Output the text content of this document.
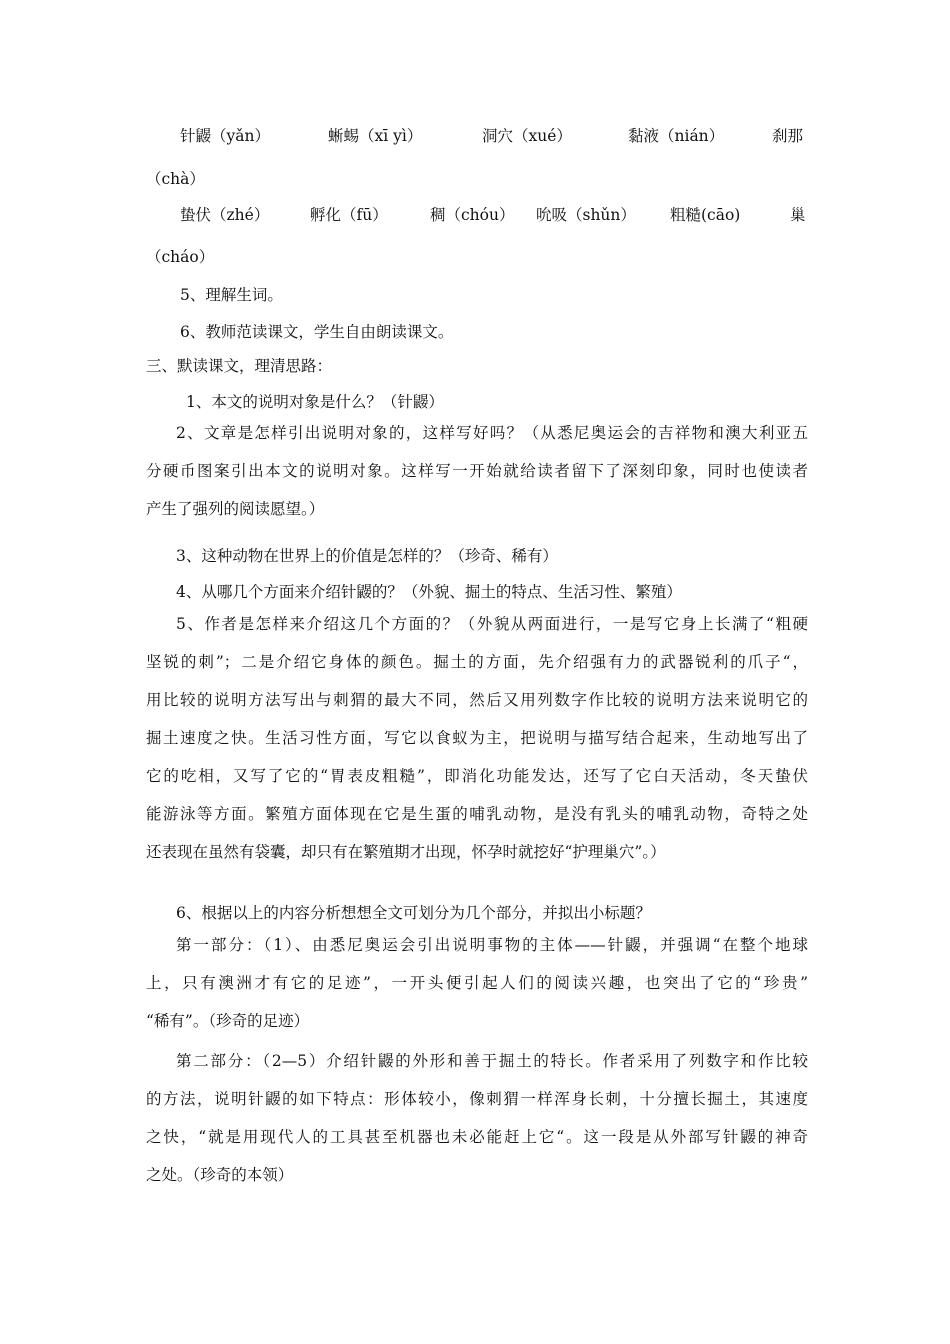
针鼹（yǎn）	蜥蜴（xī yì）	洞穴（xué）	黏液（nián）	刹那
（chà）
蛰伏（zhé）	孵化（fū）	稠（chóu） 吮吸（shǔn） 粗糙(cāo)	巢
（cháo）
5、理解生词。
6、教师范读课文，学生自由朗读课文。
三、默读课文，理清思路：
1、本文的说明对象是什么？（针鼹）
2、文章是怎样引出说明对象的，这样写好吗？（从悉尼奥运会的吉祥物和澳大利亚五
分硬币图案引出本文的说明对象。这样写一开始就给读者留下了深刻印象，同时也使读者
产生了强列的阅读愿望。）
3、这种动物在世界上的价值是怎样的？（珍奇、稀有）
4、从哪几个方面来介绍针鼹的？（外貌、掘土的特点、生活习性、繁殖）
5、作者是怎样来介绍这几个方面的？（外貌从两面进行，一是写它身上长满了“粗硬
坚锐的刺”；二是介绍它身体的颜色。掘土的方面，先介绍强有力的武器锐利的爪子“，
用比较的说明方法写出与刺猬的最大不同，然后又用列数字作比较的说明方法来说明它的
掘土速度之快。生活习性方面，写它以食蚁为主，把说明与描写结合起来，生动地写出了
它的吃相，又写了它的“胃表皮粗糙”，即消化功能发达，还写了它白天活动，冬天蛰伏
能游泳等方面。繁殖方面体现在它是生蛋的哺乳动物，是没有乳头的哺乳动物，奇特之处
还表现在虽然有袋囊，却只有在繁殖期才出现，怀孕时就挖好“护理巢穴”。）
6、根据以上的内容分析想想全文可划分为几个部分，并拟出小标题？
第一部分：（1）、由悉尼奥运会引出说明事物的主体——针鼹，并强调“在整个地球
上，只有澳洲才有它的足迹”，一开头便引起人们的阅读兴趣，也突出了它的“珍贵”
“稀有”。（珍奇的足迹）
第二部分：（2—5）介绍针鼹的外形和善于掘土的特长。作者采用了列数字和作比较
的方法，说明针鼹的如下特点：形体较小，像刺猬一样浑身长刺，十分擅长掘土，其速度
之快，“就是用现代人的工具甚至机器也未必能赶上它“。这一段是从外部写针鼹的神奇
之处。（珍奇的本领）
